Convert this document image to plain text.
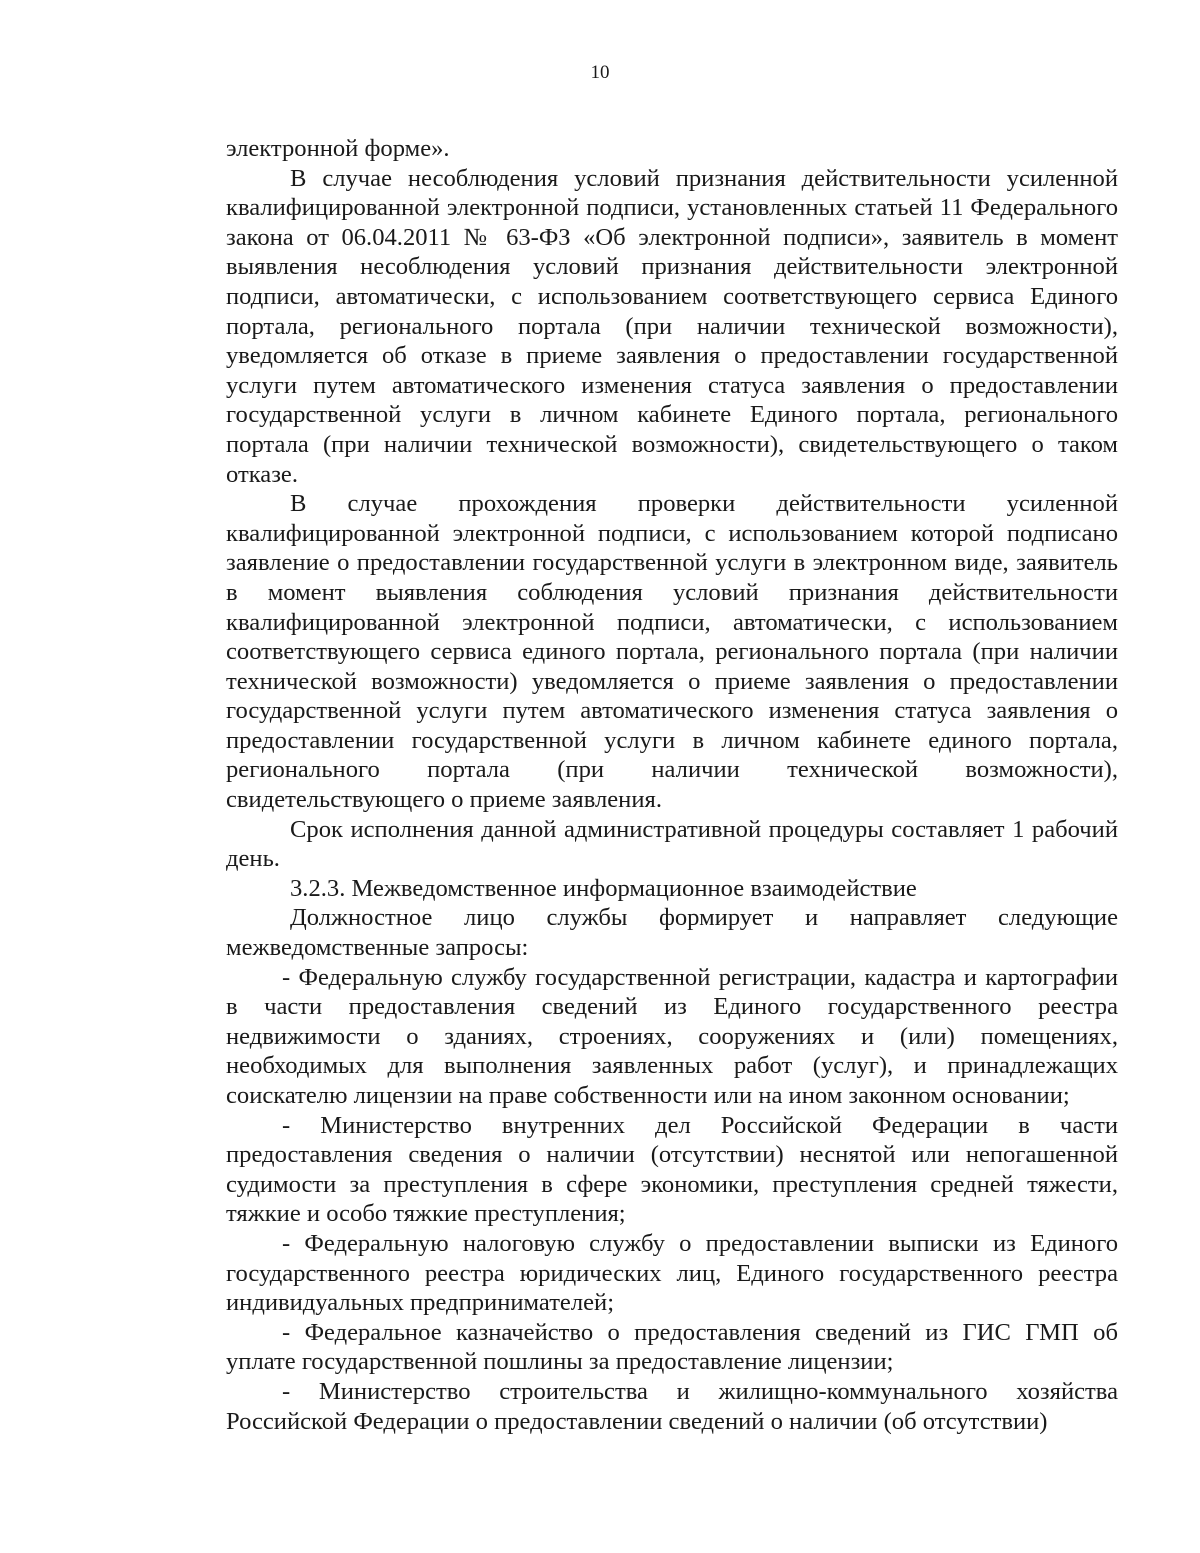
10

электронной форме».

В случае несоблюдения условий признания действительности усиленной квалифицированной электронной подписи, установленных статьей 11 Федерального закона от 06.04.2011 № 63-ФЗ «Об электронной подписи», заявитель в момент выявления несоблюдения условий признания действительности электронной подписи, автоматически, с использованием соответствующего сервиса Единого портала, регионального портала (при наличии технической возможности), уведомляется об отказе в приеме заявления о предоставлении государственной услуги путем автоматического изменения статуса заявления о предоставлении государственной услуги в личном кабинете Единого портала, регионального портала (при наличии технической возможности), свидетельствующего о таком отказе.

В случае прохождения проверки действительности усиленной квалифицированной электронной подписи, с использованием которой подписано заявление о предоставлении государственной услуги в электронном виде, заявитель в момент выявления соблюдения условий признания действительности квалифицированной электронной подписи, автоматически, с использованием соответствующего сервиса единого портала, регионального портала (при наличии технической возможности) уведомляется о приеме заявления о предоставлении государственной услуги путем автоматического изменения статуса заявления о предоставлении государственной услуги в личном кабинете единого портала, регионального портала (при наличии технической возможности), свидетельствующего о приеме заявления.

Срок исполнения данной административной процедуры составляет 1 рабочий день.

3.2.3. Межведомственное информационное взаимодействие

Должностное лицо службы формирует и направляет следующие межведомственные запросы:

- Федеральную службу государственной регистрации, кадастра и картографии в части предоставления сведений из Единого государственного реестра недвижимости о зданиях, строениях, сооружениях и (или) помещениях, необходимых для выполнения заявленных работ (услуг), и принадлежащих соискателю лицензии на праве собственности или на ином законном основании;

- Министерство внутренних дел Российской Федерации в части предоставления сведения о наличии (отсутствии) неснятой или непогашенной судимости за преступления в сфере экономики, преступления средней тяжести, тяжкие и особо тяжкие преступления;

- Федеральную налоговую службу о предоставлении выписки из Единого государственного реестра юридических лиц, Единого государственного реестра индивидуальных предпринимателей;

- Федеральное казначейство о предоставления сведений из ГИС ГМП об уплате государственной пошлины за предоставление лицензии;

- Министерство строительства и жилищно-коммунального хозяйства Российской Федерации о предоставлении сведений о наличии (об отсутствии)
